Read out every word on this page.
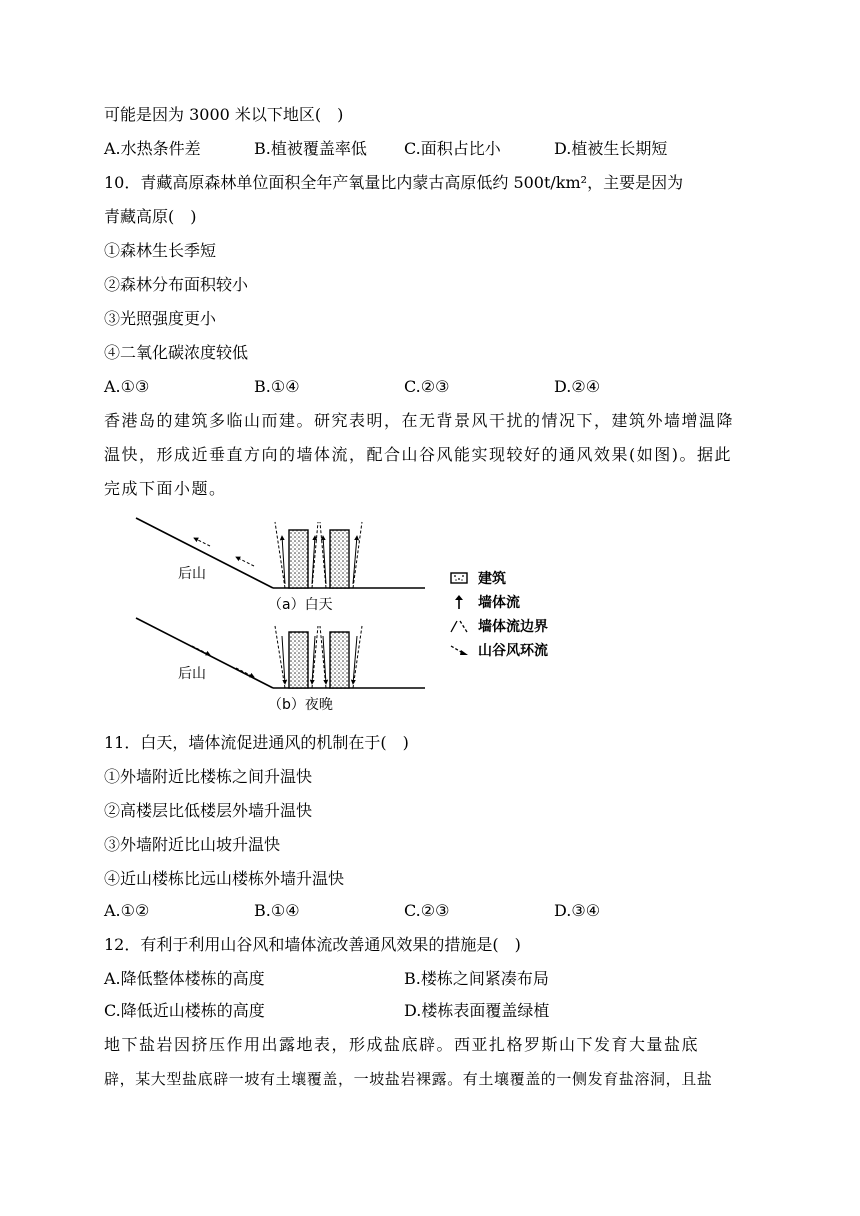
可能是因为 3000 米以下地区(　)
A.水热条件差	B.植被覆盖率低 C.面积占比小	D.植被生长期短
10．青藏高原森林单位面积全年产氧量比内蒙古高原低约 500t/km²，主要是因为
青藏高原(　)
①森林生长季短
②森林分布面积较小
③光照强度更小
④二氧化碳浓度较低
A.①③	B.①④	C.②③	D.②④
香港岛的建筑多临山而建。研究表明，在无背景风干扰的情况下，建筑外墙增温降
温快，形成近垂直方向的墙体流，配合山谷风能实现较好的通风效果(如图)。据此
完成下面小题。
后山
（a）白天
后山
（b）夜晚
建筑
墙体流
墙体流边界
山谷风环流
11．白天，墙体流促进通风的机制在于(　)
①外墙附近比楼栋之间升温快
②高楼层比低楼层外墙升温快
③外墙附近比山坡升温快
④近山楼栋比远山楼栋外墙升温快
A.①②	B.①④	C.②③	D.③④
12．有利于利用山谷风和墙体流改善通风效果的措施是(　)
A.降低整体楼栋的高度	B.楼栋之间紧凑布局
C.降低近山楼栋的高度	D.楼栋表面覆盖绿植
地下盐岩因挤压作用出露地表，形成盐底辟。西亚扎格罗斯山下发育大量盐底
辟，某大型盐底辟一坡有土壤覆盖，一坡盐岩裸露。有土壤覆盖的一侧发育盐溶洞，且盐
